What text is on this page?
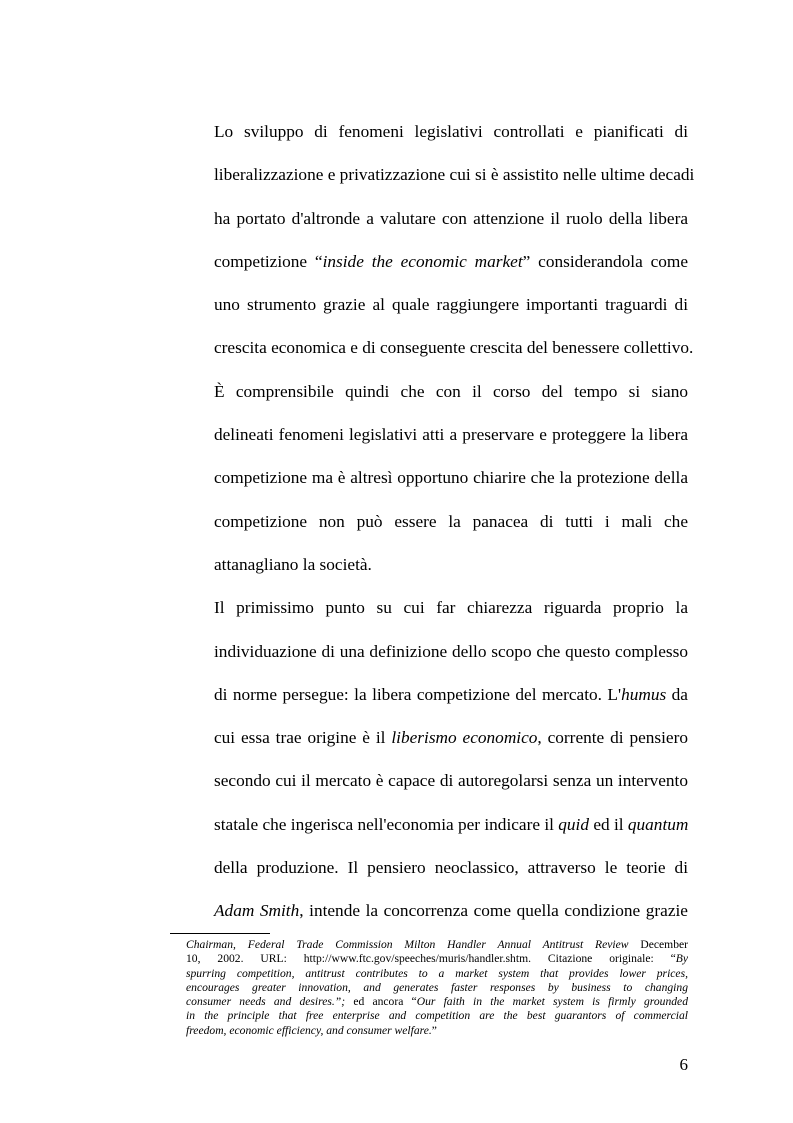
Lo sviluppo di fenomeni legislativi controllati e pianificati di
liberalizzazione e privatizzazione cui si è assistito nelle ultime decadi
ha portato d'altronde a valutare con attenzione il ruolo della libera
competizione “inside the economic market” considerandola come
uno strumento grazie al quale raggiungere importanti traguardi di
crescita economica e di conseguente crescita del benessere collettivo.

È comprensibile quindi che con il corso del tempo si siano
delineati fenomeni legislativi atti a preservare e proteggere la libera
competizione ma è altresì opportuno chiarire che la protezione della
competizione non può essere la panacea di tutti i mali che
attanagliano la società.

Il primissimo punto su cui far chiarezza riguarda proprio la
individuazione di una definizione dello scopo che questo complesso
di norme persegue: la libera competizione del mercato. L'humus da
cui essa trae origine è il liberismo economico, corrente di pensiero
secondo cui il mercato è capace di autoregolarsi senza un intervento
statale che ingerisca nell'economia per indicare il quid ed il quantum
della produzione. Il pensiero neoclassico, attraverso le teorie di
Adam Smith, intende la concorrenza come quella condizione grazie

Chairman, Federal Trade Commission Milton Handler Annual Antitrust Review December
10, 2002. URL: http://www.ftc.gov/speeches/muris/handler.shtm. Citazione originale: “By
spurring competition, antitrust contributes to a market system that provides lower prices,
encourages greater innovation, and generates faster responses by business to changing
consumer needs and desires.”; ed ancora “Our faith in the market system is firmly grounded
in the principle that free enterprise and competition are the best guarantors of commercial
freedom, economic efficiency, and consumer welfare.”
6
